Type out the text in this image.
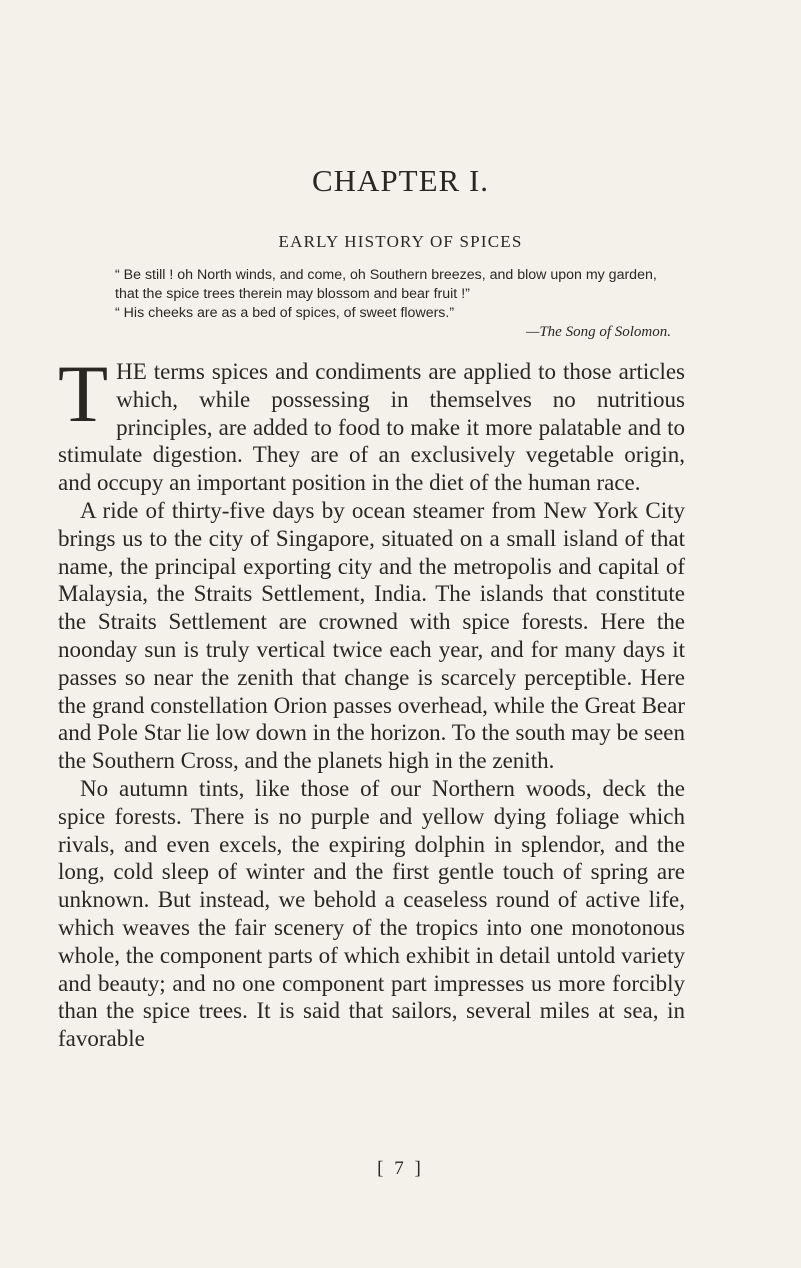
CHAPTER I.
EARLY HISTORY OF SPICES

“ Be still ! oh North winds, and come, oh Southern breezes, and blow upon my garden, that the spice trees therein may blossom and bear fruit !”

“ His cheeks are as a bed of spices, of sweet flowers.”

—The Song of Solomon.

THE terms spices and condiments are applied to those articles which, while possessing in themselves no nutritious principles, are added to food to make it more palatable and to stimulate digestion. They are of an exclusively vegetable origin, and occupy an important position in the diet of the human race.

A ride of thirty-five days by ocean steamer from New York City brings us to the city of Singapore, situated on a small island of that name, the principal exporting city and the metropolis and capital of Malaysia, the Straits Settlement, India. The islands that constitute the Straits Settlement are crowned with spice forests. Here the noonday sun is truly vertical twice each year, and for many days it passes so near the zenith that change is scarcely perceptible. Here the grand constellation Orion passes overhead, while the Great Bear and Pole Star lie low down in the horizon. To the south may be seen the Southern Cross, and the planets high in the zenith.

No autumn tints, like those of our Northern woods, deck the spice forests. There is no purple and yellow dying foliage which rivals, and even excels, the expiring dolphin in splendor, and the long, cold sleep of winter and the first gentle touch of spring are unknown. But instead, we behold a ceaseless round of active life, which weaves the fair scenery of the tropics into one monotonous whole, the component parts of which exhibit in detail untold variety and beauty; and no one component part impresses us more forcibly than the spice trees. It is said that sailors, several miles at sea, in favorable

[ 7 ]
